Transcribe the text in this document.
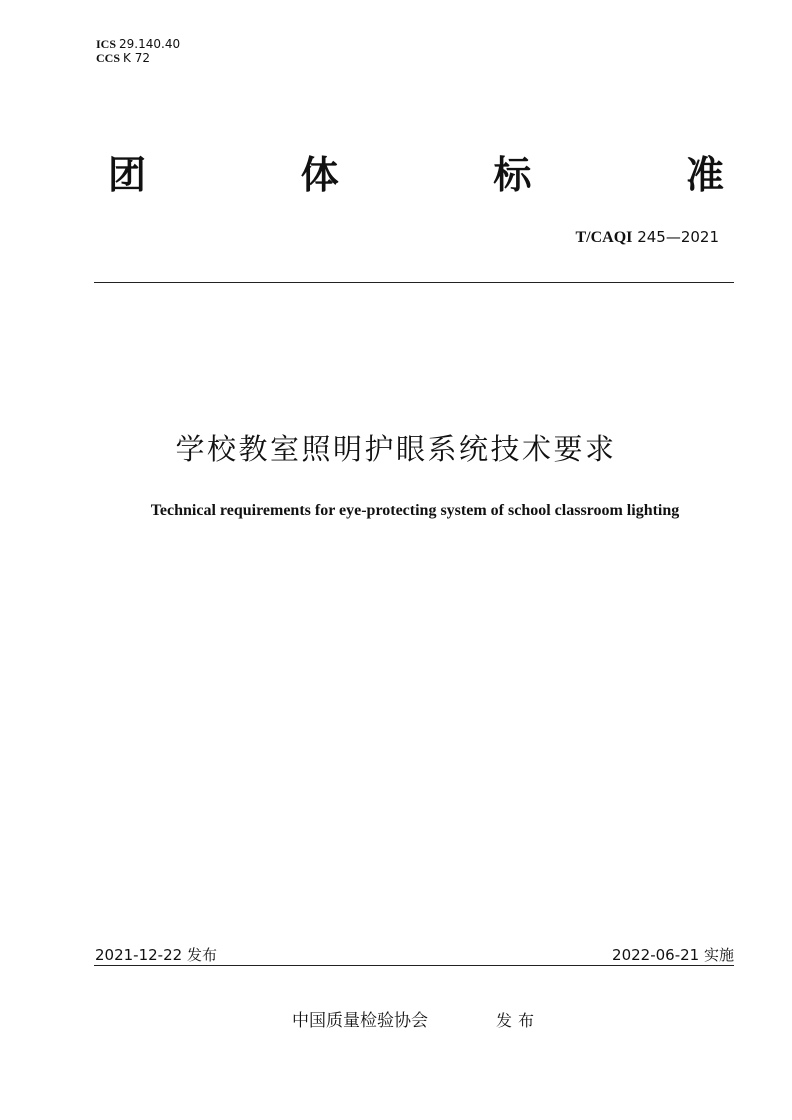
ICS 29.140.40
CCS K 72
团	体	标	准
T/CAQI 245—2021
学校教室照明护眼系统技术要求
Technical requirements for eye-protecting system of school classroom lighting
2021-12-22 发布	2022-06-21 实施
中国质量检验协会	发布
